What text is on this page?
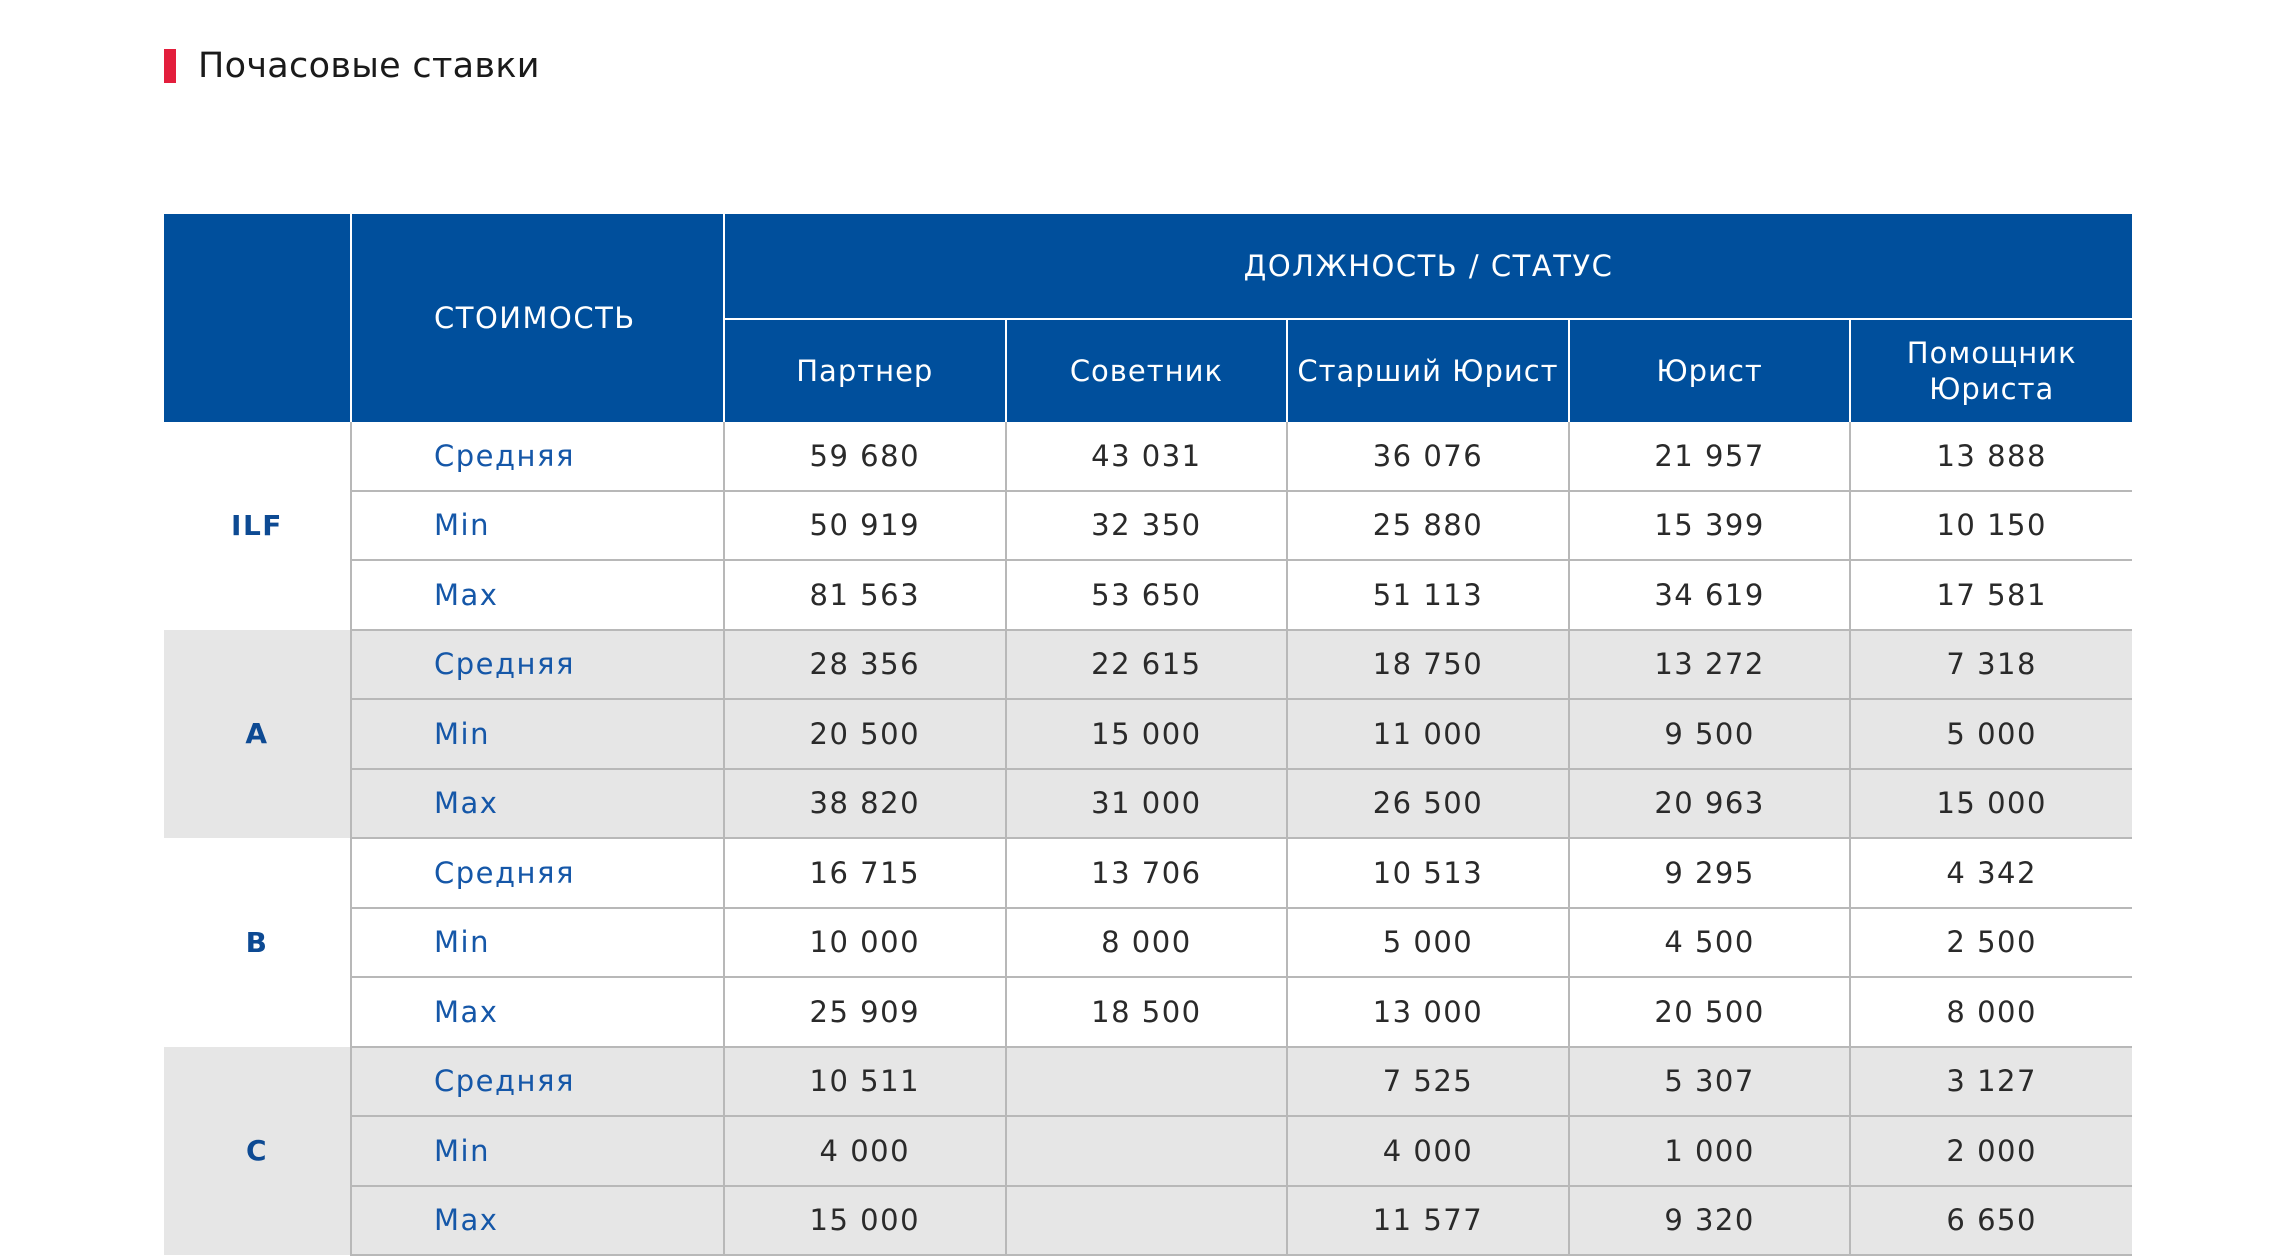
Почасовые ставки
	СТОИМОСТЬ	ДОЛЖНОСТЬ / СТАТУС				
		Партнер	Советник	Старший Юрист	Юрист	Помощник Юриста
ILF	Средняя	59 680	43 031	36 076	21 957	13 888
	Min	50 919	32 350	25 880	15 399	10 150
	Max	81 563	53 650	51 113	34 619	17 581
A	Средняя	28 356	22 615	18 750	13 272	7 318
	Min	20 500	15 000	11 000	9 500	5 000
	Max	38 820	31 000	26 500	20 963	15 000
B	Средняя	16 715	13 706	10 513	9 295	4 342
	Min	10 000	8 000	5 000	4 500	2 500
	Max	25 909	18 500	13 000	20 500	8 000
C	Средняя	10 511		7 525	5 307	3 127
	Min	4 000		4 000	1 000	2 000
	Max	15 000		11 577	9 320	6 650
